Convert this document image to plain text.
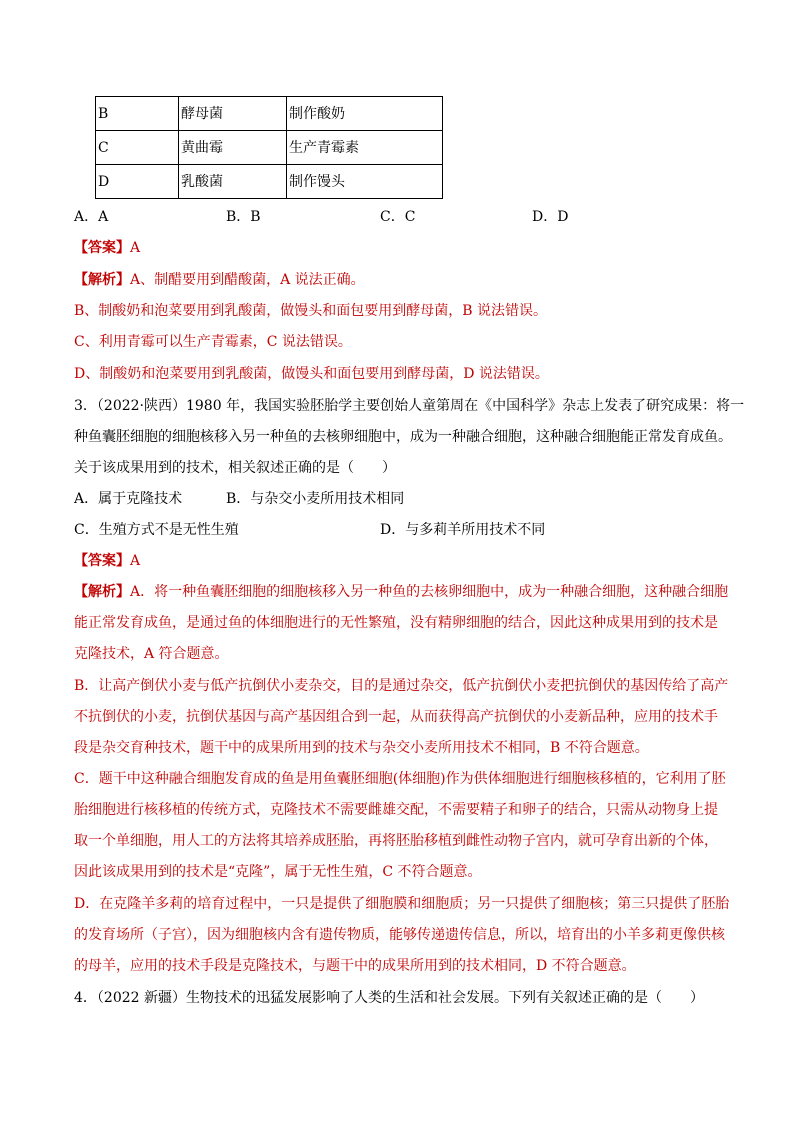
B	酵母菌	制作酸奶
C	黄曲霉	生产青霉素
D	乳酸菌	制作馒头
A．A	B．B	C．C	D．D
【答案】A
【解析】A、制醋要用到醋酸菌，A 说法正确。
B、制酸奶和泡菜要用到乳酸菌，做馒头和面包要用到酵母菌，B 说法错误。
C、利用青霉可以生产青霉素，C 说法错误。
D、制酸奶和泡菜要用到乳酸菌，做馒头和面包要用到酵母菌，D 说法错误。
3．（2022·陕西）1980 年，我国实验胚胎学主要创始人童第周在《中国科学》杂志上发表了研究成果：将一
种鱼囊胚细胞的细胞核移入另一种鱼的去核卵细胞中，成为一种融合细胞，这种融合细胞能正常发育成鱼。
关于该成果用到的技术，相关叙述正确的是（　　）
A．属于克隆技术	B．与杂交小麦所用技术相同
C．生殖方式不是无性生殖	D．与多莉羊所用技术不同
【答案】A
【解析】A．将一种鱼囊胚细胞的细胞核移入另一种鱼的去核卵细胞中，成为一种融合细胞，这种融合细胞
能正常发育成鱼，是通过鱼的体细胞进行的无性繁殖，没有精卵细胞的结合，因此这种成果用到的技术是
克隆技术，A 符合题意。
B．让高产倒伏小麦与低产抗倒伏小麦杂交，目的是通过杂交，低产抗倒伏小麦把抗倒伏的基因传给了高产
不抗倒伏的小麦，抗倒伏基因与高产基因组合到一起，从而获得高产抗倒伏的小麦新品种，应用的技术手
段是杂交育种技术，题干中的成果所用到的技术与杂交小麦所用技术不相同，B 不符合题意。
C．题干中这种融合细胞发育成的鱼是用鱼囊胚细胞(体细胞)作为供体细胞进行细胞核移植的，它利用了胚
胎细胞进行核移植的传统方式，克隆技术不需要雌雄交配，不需要精子和卵子的结合，只需从动物身上提
取一个单细胞，用人工的方法将其培养成胚胎，再将胚胎移植到雌性动物子宫内，就可孕育出新的个体，
因此该成果用到的技术是“克隆”，属于无性生殖，C 不符合题意。
D．在克隆羊多莉的培育过程中，一只是提供了细胞膜和细胞质；另一只提供了细胞核；第三只提供了胚胎
的发育场所（子宫），因为细胞核内含有遗传物质，能够传递遗传信息，所以，培育出的小羊多莉更像供核
的母羊，应用的技术手段是克隆技术，与题干中的成果所用到的技术相同，D 不符合题意。
4．（2022 新疆）生物技术的迅猛发展影响了人类的生活和社会发展。下列有关叙述正确的是（　　）
